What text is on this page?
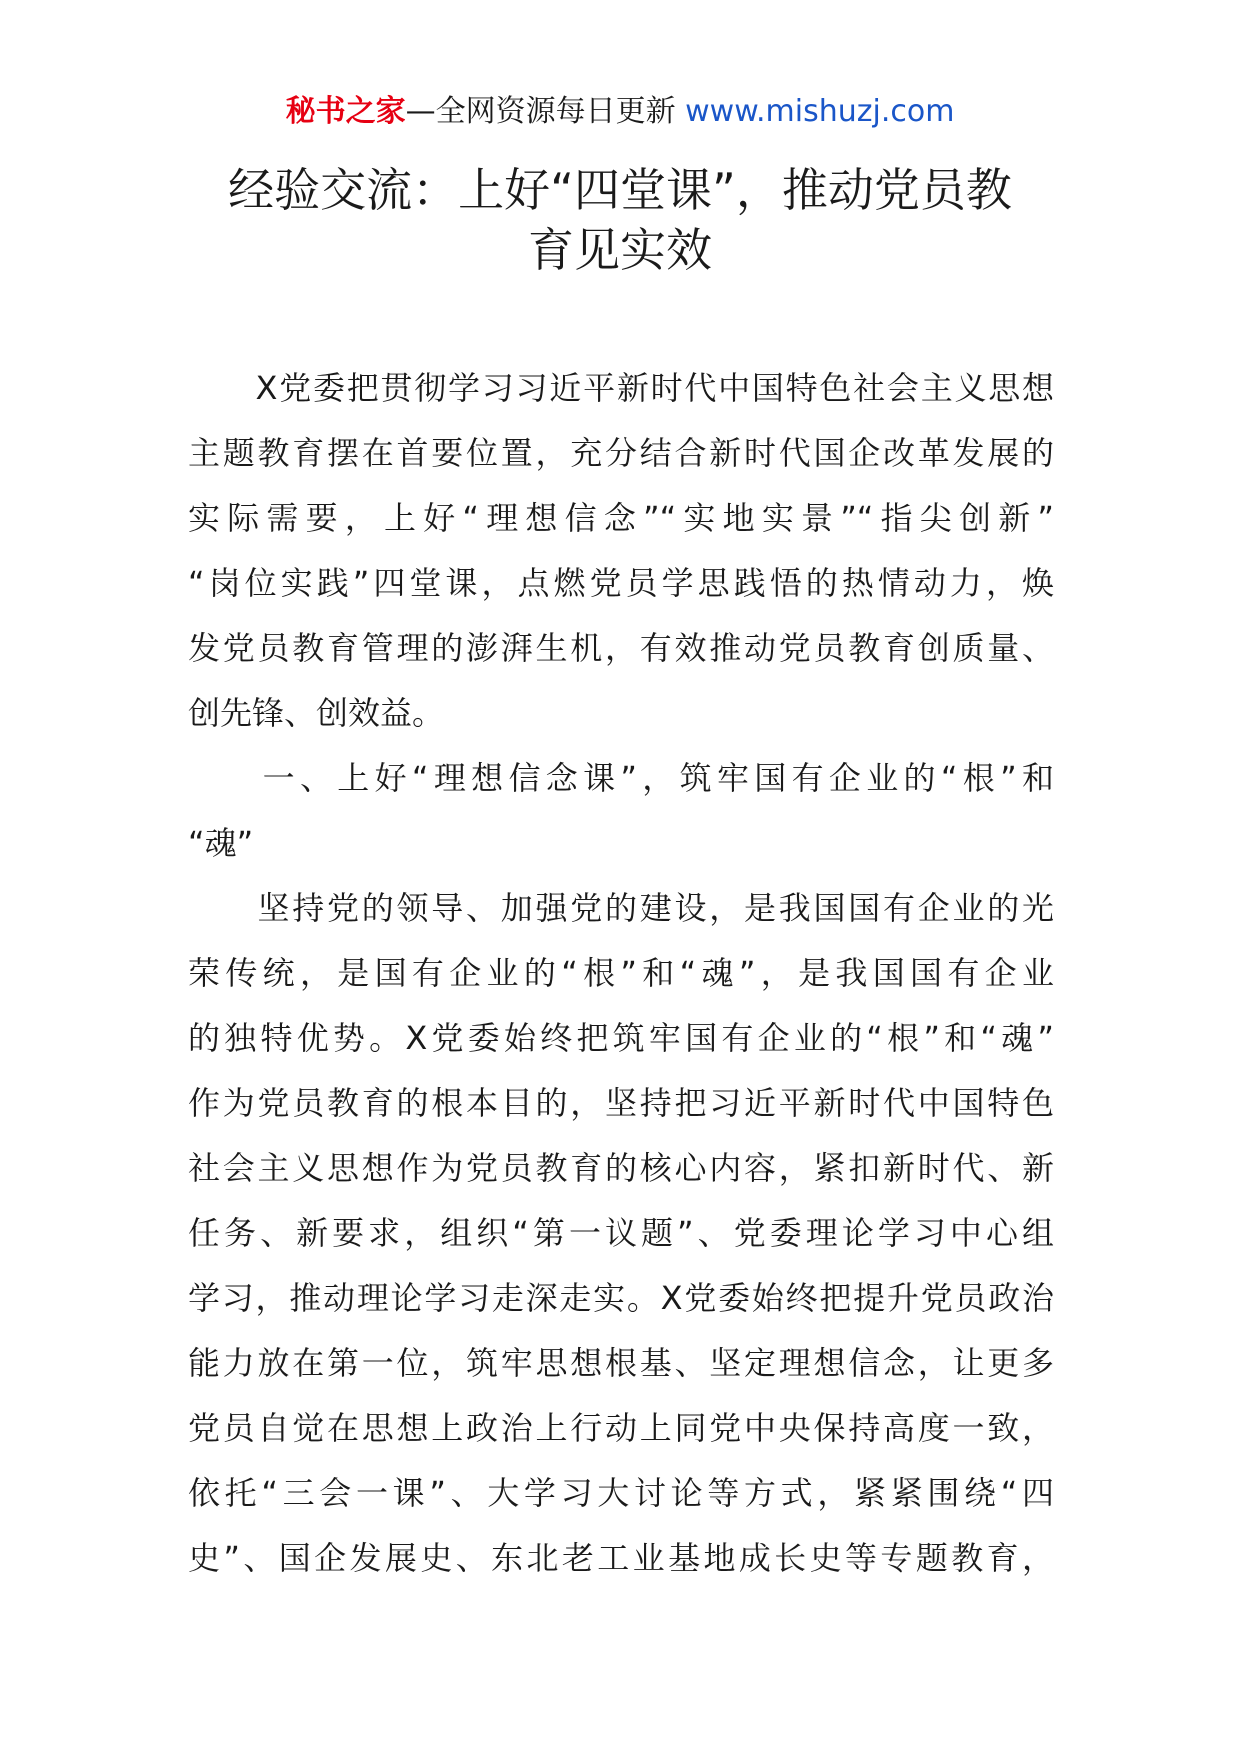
秘书之家—全网资源每日更新 www.mishuzj.com
经验交流：上好“四堂课”，推动党员教
育见实效
　　X党委把贯彻学习习近平新时代中国特色社会主义思想
主题教育摆在首要位置，充分结合新时代国企改革发展的
实际需要，上好“理想信念”“实地实景”“指尖创新”
“岗位实践”四堂课，点燃党员学思践悟的热情动力，焕
发党员教育管理的澎湃生机，有效推动党员教育创质量、
创先锋、创效益。
　　一、上好“理想信念课”，筑牢国有企业的“根”和
“魂”
　　坚持党的领导、加强党的建设，是我国国有企业的光
荣传统，是国有企业的“根”和“魂”，是我国国有企业
的独特优势。X党委始终把筑牢国有企业的“根”和“魂”
作为党员教育的根本目的，坚持把习近平新时代中国特色
社会主义思想作为党员教育的核心内容，紧扣新时代、新
任务、新要求，组织“第一议题”、党委理论学习中心组
学习，推动理论学习走深走实。X党委始终把提升党员政治
能力放在第一位，筑牢思想根基、坚定理想信念，让更多
党员自觉在思想上政治上行动上同党中央保持高度一致，
依托“三会一课”、大学习大讨论等方式，紧紧围绕“四
史”、国企发展史、东北老工业基地成长史等专题教育，
